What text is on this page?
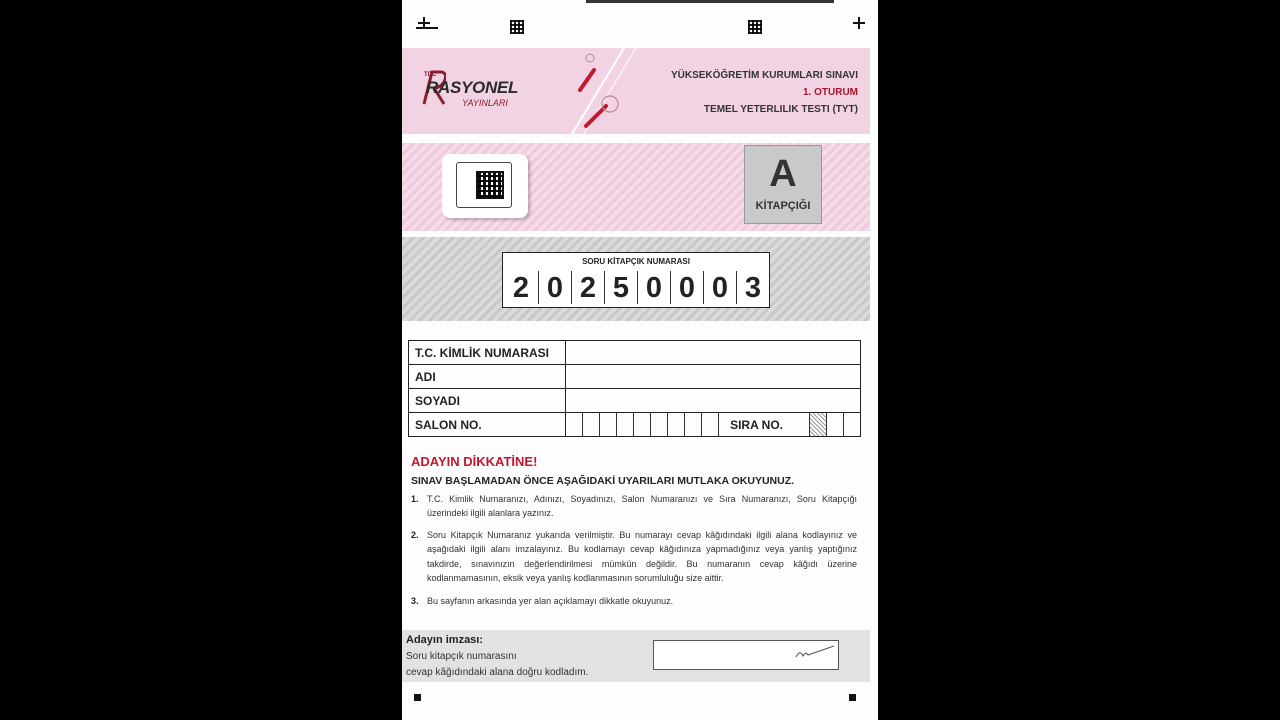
YÜKSEKÖĞRETİM KURUMLARI SINAVI
1. OTURUM
TEMEL YETERLILIK TESTI (TYT)
TDC
RASYONEL
YAYINLARI
A
KİTAPÇIĞI
SORU KİTAPÇIK NUMARASI
2 0 2 5 0 0 0 3
T.C. KİMLİK NUMARASI	
ADI	
SOYADI	
SALON NO.	SIRA NO.
ADAYIN DİKKATİNE!
SINAV BAŞLAMADAN ÖNCE AŞAĞIDAKİ UYARILARI MUTLAKA OKUYUNUZ.
1. T.C. Kimlik Numaranızı, Adınızı, Soyadınızı, Salon Numaranızı ve Sıra Numaranızı, Soru Kitapçığı üzerindeki ilgili alanlara yazınız.
2. Soru Kitapçık Numaranız yukarıda verilmiştir. Bu numarayı cevap kâğıdındaki ilgili alana kodlayınız ve aşağıdaki ilgili alanı imzalayınız. Bu kodlamayı cevap kâğıdınıza yapmadığınız veya yanlış yaptığınız takdirde, sınavınızın değerlendirilmesi mümkün değildir. Bu numaranın cevap kâğıdı üzerine kodlanmamasının, eksik veya yanlış kodlanmasının sorumluluğu size aittir.
3. Bu sayfanın arkasında yer alan açıklamayı dikkatle okuyunuz.
Adayın imzası:
Soru kitapçık numarasını
cevap kâğıdındaki alana doğru kodladım.
